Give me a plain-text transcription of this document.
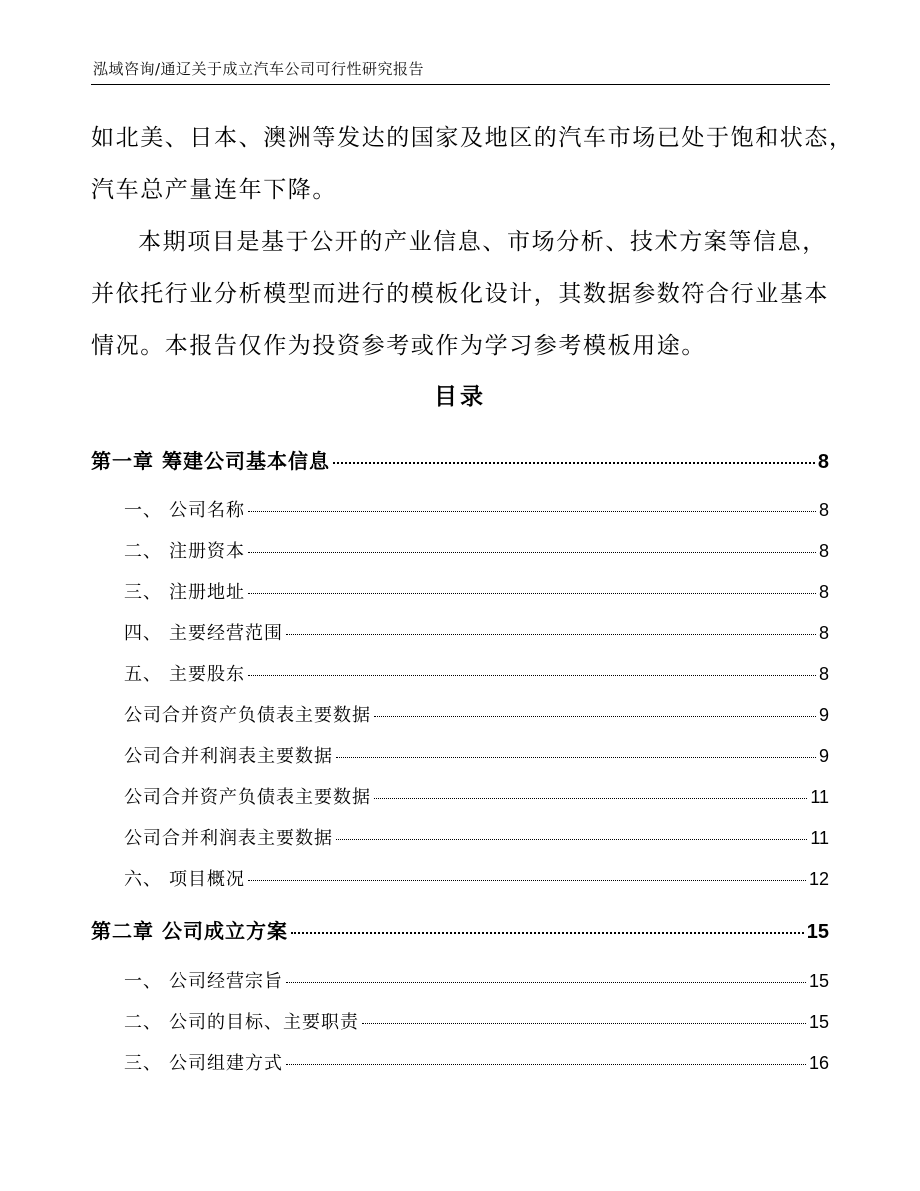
泓域咨询/通辽关于成立汽车公司可行性研究报告
如北美、日本、澳洲等发达的国家及地区的汽车市场已处于饱和状态，
汽车总产量连年下降。
本期项目是基于公开的产业信息、市场分析、技术方案等信息，
并依托行业分析模型而进行的模板化设计，其数据参数符合行业基本
情况。本报告仅作为投资参考或作为学习参考模板用途。
目录
第一章 筹建公司基本信息	8
一、 公司名称	8
二、 注册资本	8
三、 注册地址	8
四、 主要经营范围	8
五、 主要股东	8
公司合并资产负债表主要数据	9
公司合并利润表主要数据	9
公司合并资产负债表主要数据	11
公司合并利润表主要数据	11
六、 项目概况	12
第二章 公司成立方案	15
一、 公司经营宗旨	15
二、 公司的目标、主要职责	15
三、 公司组建方式	16
